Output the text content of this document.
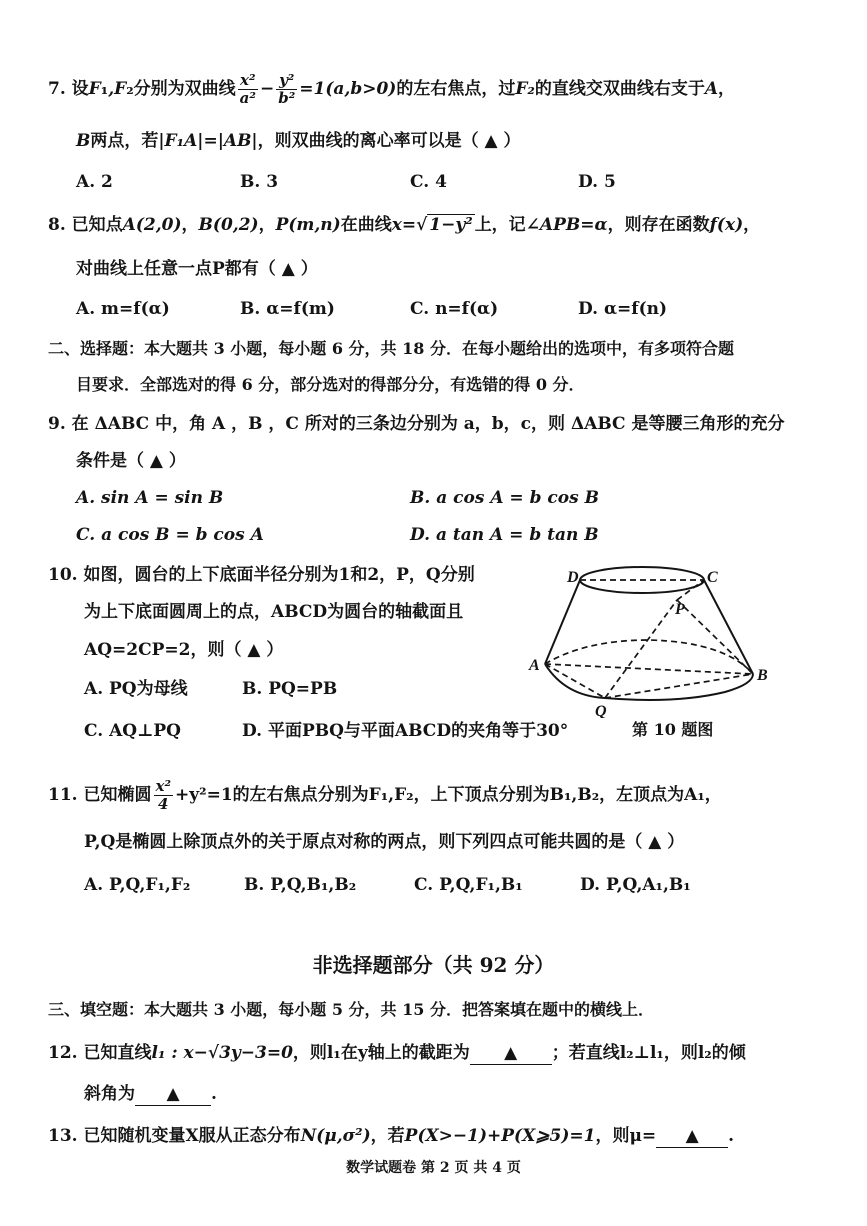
7. 设F₁,F₂分别为双曲线 $\frac{\text{x²}}{\text{a²}} - \frac{\text{y²}}{\text{b²}} =1(a,b>0)$的左右焦点，过F₂的直线交双曲线右支于A，
B两点，若|F₁A|=|AB|，则双曲线的离心率可以是（ ▲ ）
A. 2	B. 3	C. 4	D. 5
8. 已知点A(2,0)，B(0,2)，P(m,n)在曲线x=√ 1−y² 上，记∠APB=α，则存在函数f(x)，
对曲线上任意一点P都有（ ▲ ）
A. m=f(α)	B. α=f(m)	C. n=f(α)	D. α=f(n)
二、选择题：本大题共 3 小题，每小题 6 分，共 18 分．在每小题给出的选项中，有多项符合题
目要求．全部选对的得 6 分，部分选对的得部分分，有选错的得 0 分．
9. 在 ΔABC 中，角 A ，B ，C 所对的三条边分别为 a，b，c，则 ΔABC 是等腰三角形的充分
条件是（ ▲ ）
A. sin A = sin B	B. a cos A = b cos B
C. a cos B = b cos A	D. a tan A = b tan B
10. 如图，圆台的上下底面半径分别为1和2，P，Q分别
为上下底面圆周上的点，ABCD为圆台的轴截面且
AQ=2CP=2，则（ ▲ ）
A. PQ为母线	B. PQ=PB
C. AQ⊥PQ	D. 平面PBQ与平面ABCD的夹角等于30°
D	C
P
A
B
Q
第 10 题图
11. 已知椭圆 $\frac{\text{x²}}{4} +y^2=1$的左右焦点分别为F₁,F₂，上下顶点分别为B₁,B₂，左顶点为A₁，
P,Q是椭圆上除顶点外的关于原点对称的两点，则下列四点可能共圆的是（ ▲ ）
A. P,Q,F₁,F₂	B. P,Q,B₁,B₂	C. P,Q,F₁,B₁	D. P,Q,A₁,B₁
非选择题部分（共 92 分）
三、填空题：本大题共 3 小题，每小题 5 分，共 15 分．把答案填在题中的横线上．
12. 已知直线l₁ : x−√3y−3=0，则l₁在y轴上的截距为 ▲ ；若直线l₂⊥l₁，则l₂的倾
斜角为 ▲ .
13. 已知随机变量X服从正态分布N(μ,σ²)，若P(X>−1)+P(X⩾5)=1，则μ= ▲ .
数学试题卷 第 2 页 共 4 页
